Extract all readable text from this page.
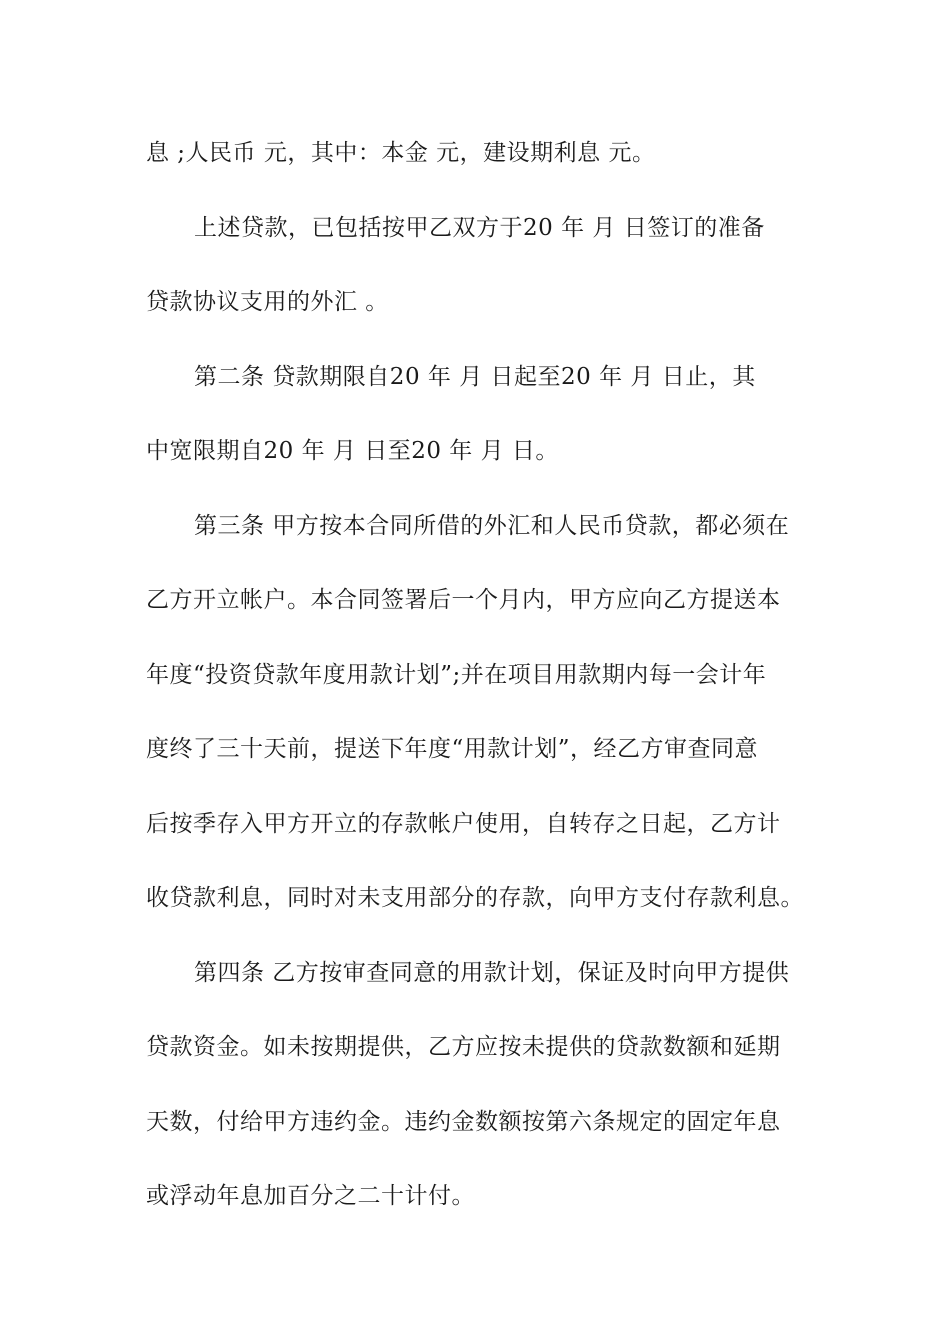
息 ;人民币 元，其中：本金 元，建设期利息 元。
上述贷款，已包括按甲乙双方于20 年 月 日签订的准备
贷款协议支用的外汇 。
第二条 贷款期限自20 年 月 日起至20 年 月 日止，其
中宽限期自20 年 月 日至20 年 月 日。
第三条 甲方按本合同所借的外汇和人民币贷款，都必须在
乙方开立帐户。本合同签署后一个月内，甲方应向乙方提送本
年度“投资贷款年度用款计划”;并在项目用款期内每一会计年
度终了三十天前，提送下年度“用款计划”，经乙方审查同意
后按季存入甲方开立的存款帐户使用，自转存之日起，乙方计
收贷款利息，同时对未支用部分的存款，向甲方支付存款利息。
第四条 乙方按审查同意的用款计划，保证及时向甲方提供
贷款资金。如未按期提供，乙方应按未提供的贷款数额和延期
天数，付给甲方违约金。违约金数额按第六条规定的固定年息
或浮动年息加百分之二十计付。
